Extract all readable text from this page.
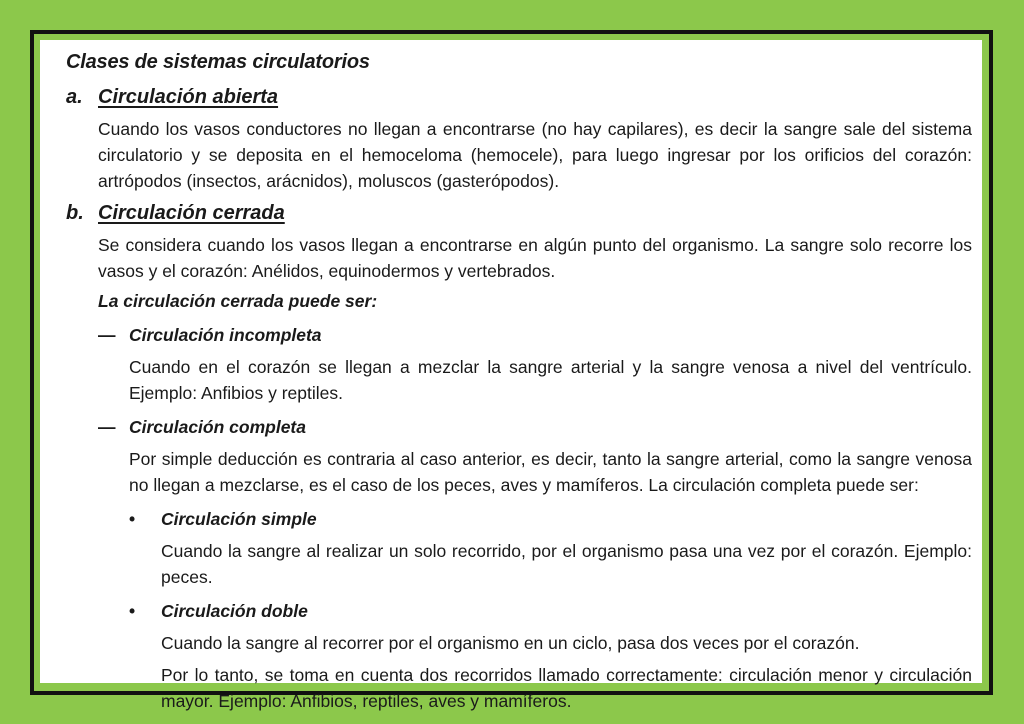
Clases de sistemas circulatorios
a. Circulación abierta

Cuando los vasos conductores no llegan a encontrarse (no hay capilares), es decir la sangre sale del sistema circulatorio y se deposita en el hemoceloma (hemocele), para luego ingresar por los orificios del corazón: artrópodos (insectos, arácnidos), moluscos (gasterópodos).

b. Circulación cerrada

Se considera cuando los vasos llegan a encontrarse en algún punto del organismo. La sangre solo recorre los vasos y el corazón: Anélidos, equinodermos y vertebrados.

La circulación cerrada puede ser:
— Circulación incompleta

Cuando en el corazón se llegan a mezclar la sangre arterial y la sangre venosa a nivel del ventrículo. Ejemplo: Anfibios y reptiles.

— Circulación completa

Por simple deducción es contraria al caso anterior, es decir, tanto la sangre arterial, como la sangre venosa no llegan a mezclarse, es el caso de los peces, aves y mamíferos. La circulación completa puede ser:

•	Circulación simple

Cuando la sangre al realizar un solo recorrido, por el organismo pasa una vez por el corazón. Ejemplo: peces.

•	Circulación doble

Cuando la sangre al recorrer por el organismo en un ciclo, pasa dos veces por el corazón.

Por lo tanto, se toma en cuenta dos recorridos llamado correctamente: circulación menor y circulación mayor. Ejemplo: Anfibios, reptiles, aves y mamíferos.
